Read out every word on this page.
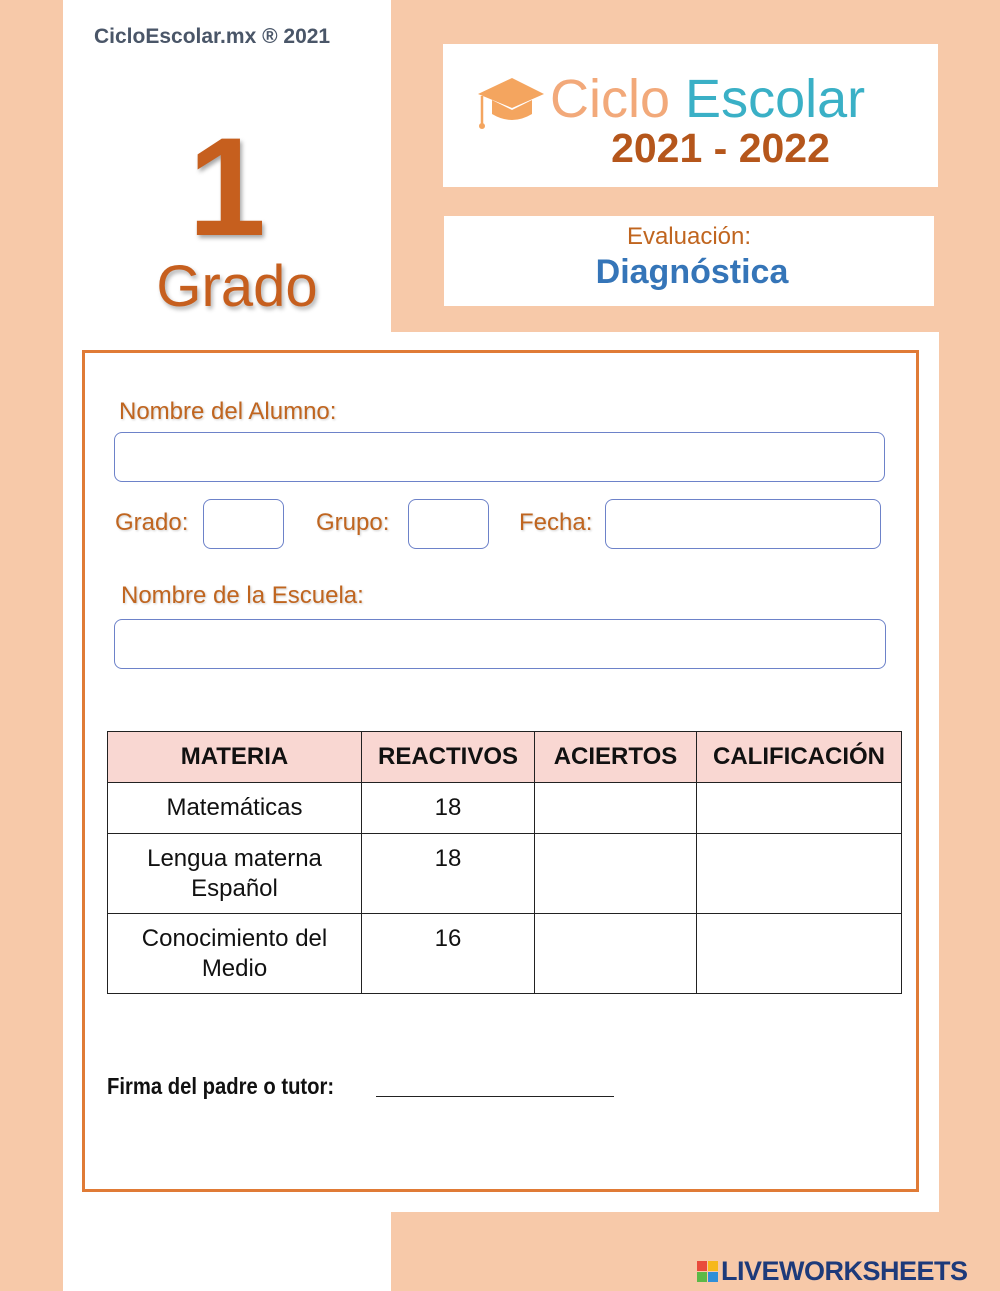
CicloEscolar.mx ® 2021
1
Grado
Ciclo Escolar
2021 - 2022
Evaluación:
Diagnóstica
Nombre del Alumno:
Grado:	Grupo:	Fecha:
Nombre de la Escuela:
MATERIA	REACTIVOS	ACIERTOS	CALIFICACIÓN
Matemáticas	18		
Lengua materna
Español	18		
Conocimiento del
Medio	16		
Firma del padre o tutor:
LIVEWORKSHEETS
